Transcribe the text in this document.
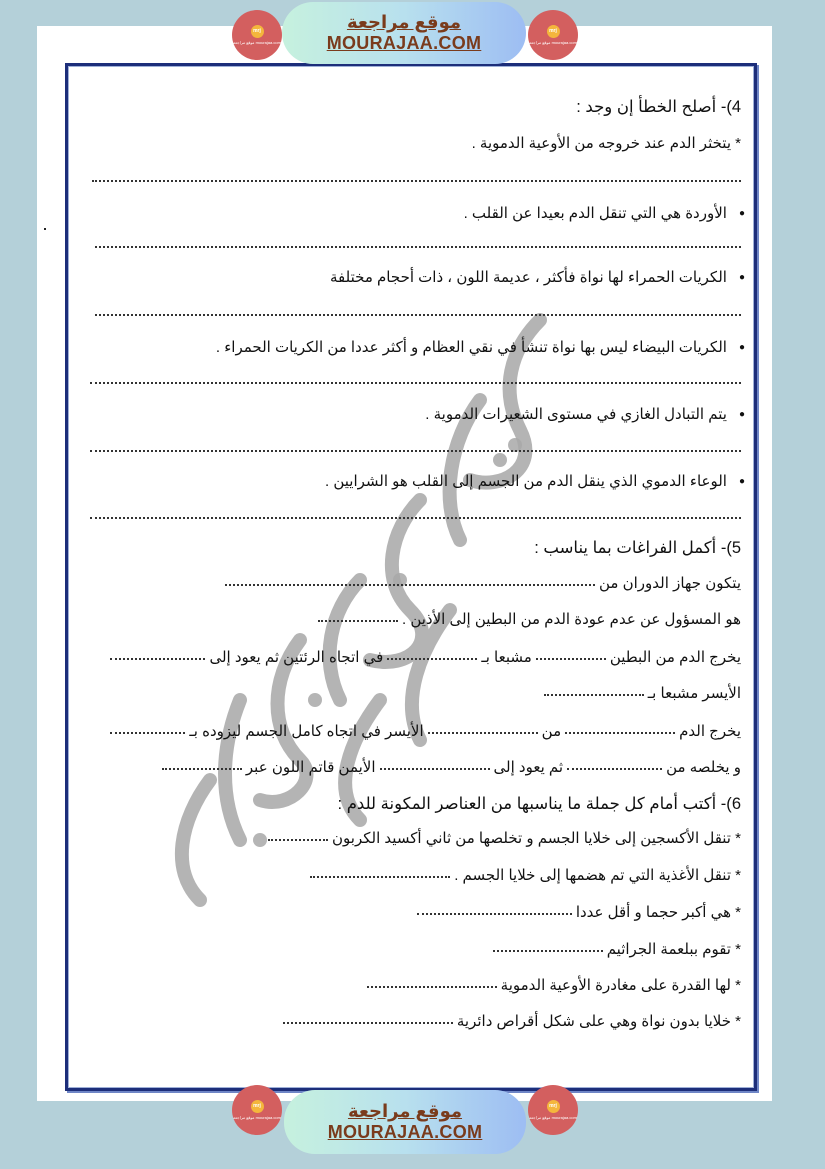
mrj
موقع مراجعة mourajaa.com
موقع مراجعة
MOURAJAA.COM
mrj
موقع مراجعة mourajaa.com
4)- أصلح الخطأ إن وجد :
* يتخثر الدم عند خروجه من الأوعية الدموية .
● الأوردة هي التي تنقل الدم بعيدا عن القلب .
● الكريات الحمراء لها نواة فأكثر ، عديمة اللون ، ذات أحجام مختلفة
● الكريات البيضاء ليس بها نواة تنشأ في نقي العظام و أكثر عددا من الكريات الحمراء .
● يتم التبادل الغازي في مستوى الشعيرات الدموية .
● الوعاء الدموي الذي ينقل الدم من الجسم إلى القلب هو الشرايين .
5)- أكمل الفراغات بما يناسب :
يتكون جهاز الدوران من
هو المسؤول عن عدم عودة الدم من البطين إلى الأذين .
يخرج الدم من البطينمشبعا بـفي اتجاه الرئتين ثم يعود إلى
الأيسر مشبعا بـ
يخرج الدممنالأيسر في اتجاه كامل الجسم ليزوده بـ
و يخلصه منثم يعود إلىالأيمن قاتم اللون عبر
6)- أكتب أمام كل جملة ما يناسبها من العناصر المكونة للدم :
* تنقل الأكسجين إلى خلايا الجسم و تخلصها من ثاني أكسيد الكربون
* تنقل الأغذية التي تم هضمها إلى خلايا الجسم .
* هي أكبر حجما و أقل عددا
* تقوم ببلعمة الجراثيم
* لها القدرة على مغادرة الأوعية الدموية
* خلايا بدون نواة وهي على شكل أقراص دائرية
mrj
موقع مراجعة mourajaa.com	موقع مراجعة
MOURAJAA.COM
mrj
موقع مراجعة mourajaa.com
